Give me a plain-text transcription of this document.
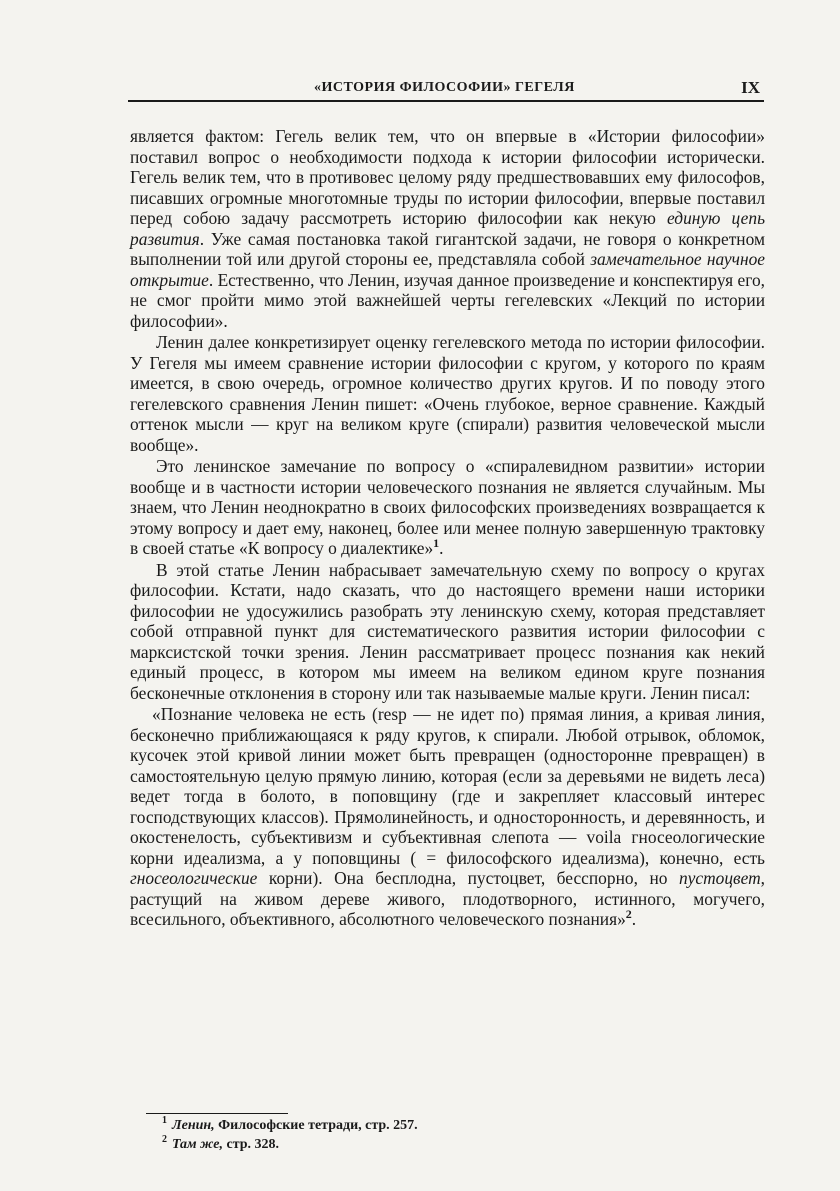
«ИСТОРИЯ ФИЛОСОФИИ» ГЕГЕЛЯ	IX

является фактом: Гегель велик тем, что он впервые в «Истории философии» поставил вопрос о необходимости подхода к истории философии исторически. Гегель велик тем, что в противовес целому ряду предшествовавших ему философов, писавших огромные многотомные труды по истории философии, впервые поставил перед собою задачу рассмотреть историю философии как некую единую цепь развития. Уже самая постановка такой гигантской задачи, не говоря о конкретном выполнении той или другой стороны ее, представляла собой замечательное научное открытие. Естественно, что Ленин, изучая данное произведение и конспектируя его, не смог пройти мимо этой важнейшей черты гегелевских «Лекций по истории философии».

Ленин далее конкретизирует оценку гегелевского метода по истории философии. У Гегеля мы имеем сравнение истории философии с кругом, у которого по краям имеется, в свою очередь, огромное количество других кругов. И по поводу этого гегелевского сравнения Ленин пишет: «Очень глубокое, верное сравнение. Каждый оттенок мысли — круг на великом круге (спирали) развития человеческой мысли вообще».

Это ленинское замечание по вопросу о «спиралевидном развитии» истории вообще и в частности истории человеческого познания не является случайным. Мы знаем, что Ленин неоднократно в своих философских произведениях возвращается к этому вопросу и дает ему, наконец, более или менее полную завершенную трактовку в своей статье «К вопросу о диалектике»$^1$.

В этой статье Ленин набрасывает замечательную схему по вопросу о кругах философии. Кстати, надо сказать, что до настоящего времени наши историки философии не удосужились разобрать эту ленинскую схему, которая представляет собой отправной пункт для систематического развития истории философии с марксистской точки зрения. Ленин рассматривает процесс познания как некий единый процесс, в котором мы имеем на великом едином круге познания бесконечные отклонения в сторону или так называемые малые круги. Ленин писал:

«Познание человека не есть (resp — не идет по) прямая линия, а кривая линия, бесконечно приближающаяся к ряду кругов, к спирали. Любой отрывок, обломок, кусочек этой кривой линии может быть превращен (односторонне превращен) в самостоятельную целую прямую линию, которая (если за деревьями не видеть леса) ведет тогда в болото, в поповщину (где и закрепляет классовый интерес господствующих классов). Прямолинейность, и односторонность, и деревянность, и окостенелость, субъективизм и субъективная слепота — voila гносеологические корни идеализма, а у поповщины ( = философского идеализма), конечно, есть гносеологические корни). Она бесплодна, пустоцвет, бесспорно, но пустоцвет, растущий на живом дереве живого, плодотворного, истинного, могучего, всесильного, объективного, абсолютного человеческого познания»$^2$.

$^1$ Ленин, Философские тетради, стр. 257.
$^2$ Там же, стр. 328.
